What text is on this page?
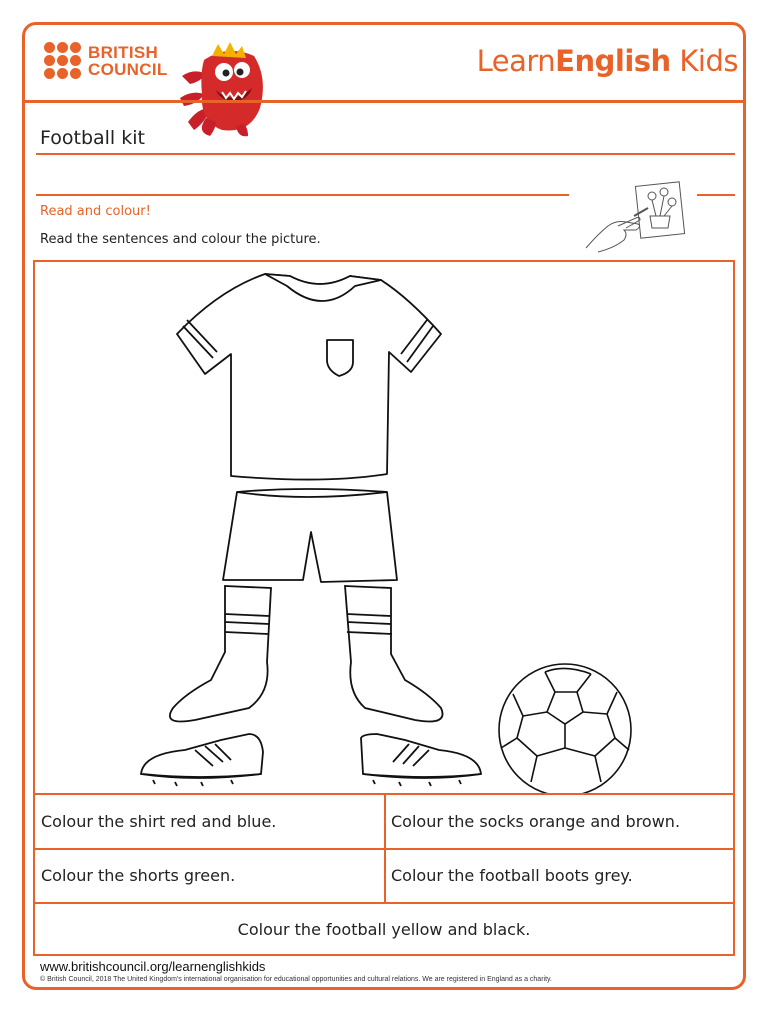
BRITISH
COUNCIL	LearnEnglish Kids
Football kit
Read and colour!
Read the sentences and colour the picture.
Colour the shirt red and blue.	Colour the socks orange and brown.
Colour the shorts green.	Colour the football boots grey.
Colour the football yellow and black.
www.britishcouncil.org/learnenglishkids
© British Council, 2018 The United Kingdom's international organisation for educational opportunities and cultural relations. We are registered in England as a charity.
